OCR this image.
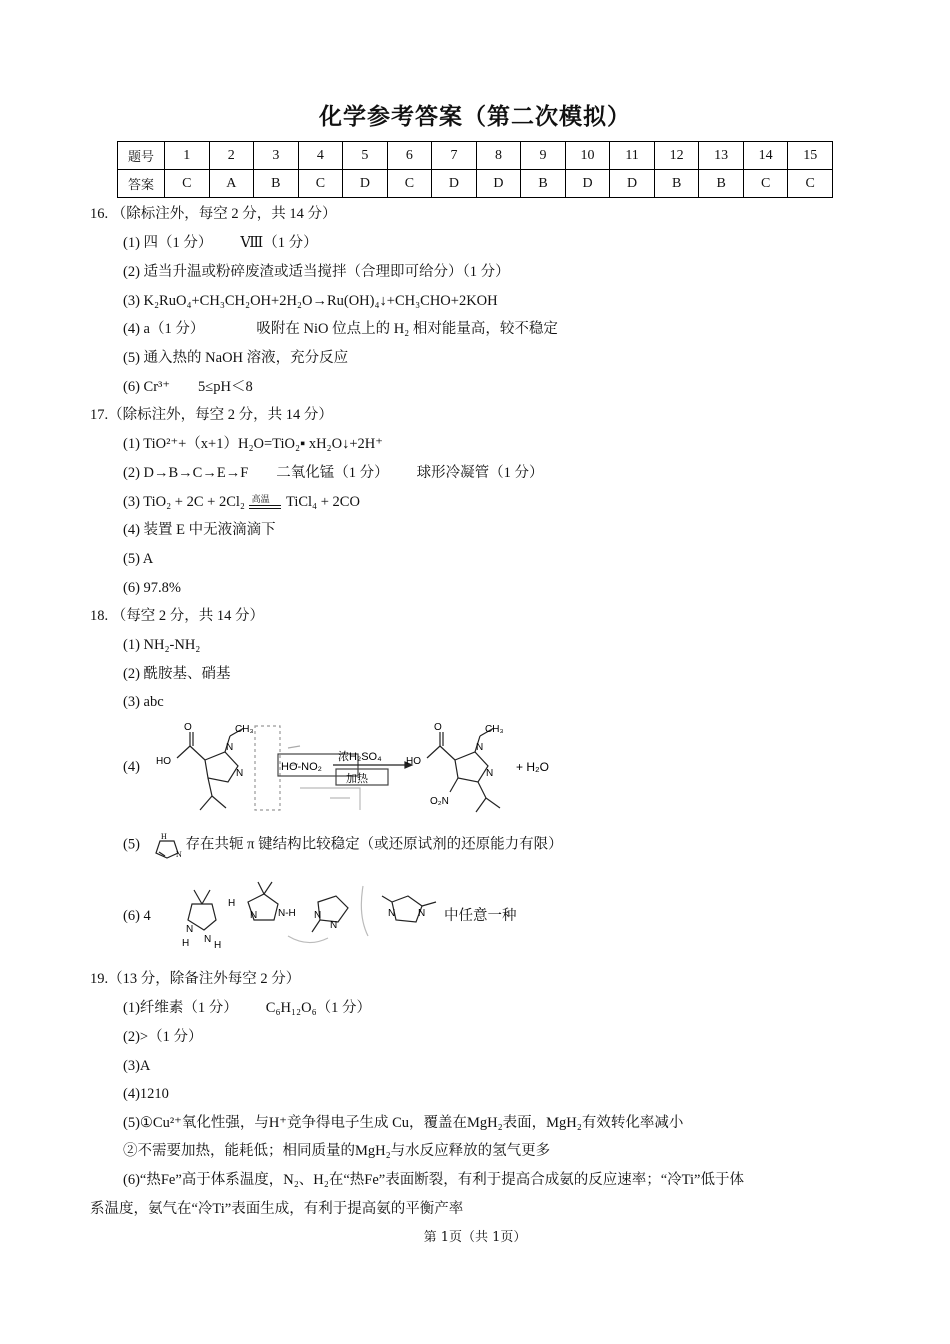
化学参考答案（第二次模拟）
题号	1	2	3	4	5	6	7	8	9	10	11	12	13	14	15
答案	C	A	B	C	D	C	D	D	B	D	D	B	B	C	C
16. （除标注外，每空 2 分，共 14 分）
(1) 四（1 分） Ⅷ（1 分）
(2) 适当升温或粉碎废渣或适当搅拌（合理即可给分）（1 分）
(3) K₂RuO₄+CH₃CH₂OH+2H₂O→Ru(OH)₄↓+CH₃CHO+2KOH
(4) a（1 分）	吸附在 NiO 位点上的 H₂ 相对能量高，较不稳定
(5) 通入热的 NaOH 溶液，充分反应
(6) Cr³⁺ 5≤pH＜8
17.（除标注外，每空 2 分，共 14 分）
(1) TiO²⁺+（x+1）H₂O=TiO₂▪ xH₂O↓+2H⁺
(2) D→B→C→E→F 二氧化锰（1 分） 球形冷凝管（1 分）
(3) TiO₂ + 2C + 2Cl₂ 高温 TiCl₄ + 2CO
(4) 装置 E 中无液滴滴下
(5) A
(6) 97.8%
18. （每空 2 分，共 14 分）
(1) NH₂-NH₂
(2) 酰胺基、硝基
(3) abc
(4)
O
HO
N
N
CH₃
HO-NO₂
浓H₂SO₄
加热
O
HO
N
N
CH₃
O₂N
+ H₂O
(5)	H
N
存在共轭 π 键结构比较稳定（或还原试剂的还原能力有限）
(6) 4
H
N
N
H
H
N N-H N
N
N N 中任意一种
19.（13 分，除备注外每空 2 分）
(1)纤维素（1 分） C₆H₁₂O₆（1 分）
(2)>（1 分）
(3)A
(4)1210
(5)①Cu²⁺氧化性强，与H⁺竞争得电子生成 Cu，覆盖在MgH₂表面，MgH₂有效转化率减小
②不需要加热，能耗低；相同质量的MgH₂与水反应释放的氢气更多
(6)“热Fe”高于体系温度，N₂、H₂在“热Fe”表面断裂，有利于提高合成氨的反应速率；“冷Ti”低于体
系温度，氨气在“冷Ti”表面生成，有利于提高氨的平衡产率
第 1页（共 1页）
